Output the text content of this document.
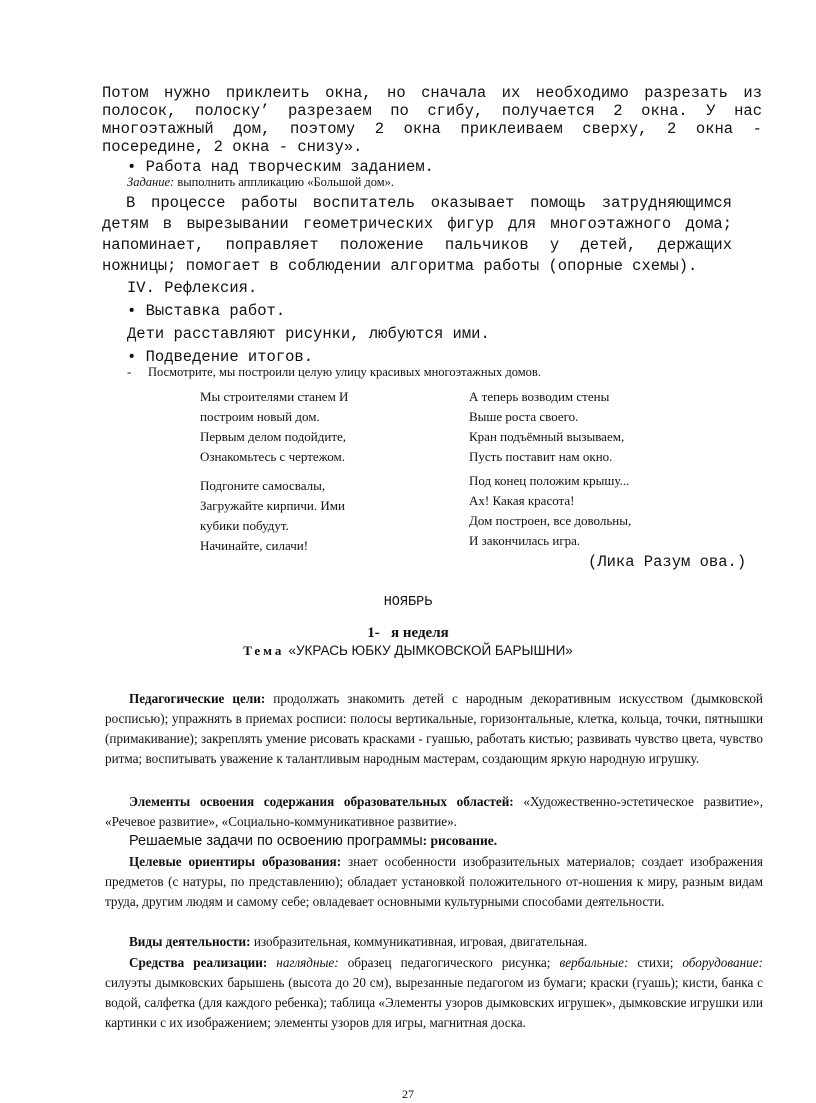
Потом нужно приклеить окна, но сначала их необходимо разрезать из полосок, полоску’ разрезаем по сгибу, получается 2 окна. У нас многоэтажный дом, поэтому 2 окна приклеиваем сверху, 2 окна - посередине, 2 окна - снизу».
• Работа над творческим заданием.
Задание: выполнить аппликацию «Большой дом».
В процессе работы воспитатель оказывает помощь затрудняющимся детям в вырезывании геометрических фигур для многоэтажного дома; напоминает, поправляет положение пальчиков у детей, держащих ножницы; помогает в соблюдении алгоритма работы (опорные схемы).
IV. Рефлексия.
• Выставка работ.
Дети расставляют рисунки, любуются ими.
• Подведение итогов.
- Посмотрите, мы построили целую улицу красивых многоэтажных домов.
Мы строителями станем И
построим новый дом.
Первым делом подойдите,
Ознакомьтесь с чертежом.
Подгоните самосвалы,
Загружайте кирпичи. Ими
кубики побудут.
Начинайте, силачи!
А теперь возводим стены
Выше роста своего.
Кран подъёмный вызываем,
Пусть поставит нам окно.
Под конец положим крышу...
Ах! Какая красота!
Дом построен, все довольны,
И закончилась игра.
(Лика Разум ова.)
НОЯБРЬ
1-   я неделя
Тема «УКРАСЬ ЮБКУ ДЫМКОВСКОЙ БАРЫШНИ»
Педагогические цели: продолжать знакомить детей с народным декоративным искусством (дымковской росписью); упражнять в приемах росписи: полосы вертикальные, горизонтальные, клетка, кольца, точки, пятнышки (примакивание); закреплять умение рисовать красками - гуашью, работать кистью; развивать чувство цвета, чувство ритма; воспитывать уважение к талантливым народным мастерам, создающим яркую народную игрушку.
Элементы освоения содержания образовательных областей: «Художественно-эстетическое развитие», «Речевое развитие», «Социально-коммуникативное развитие».
Решаемые задачи по освоению программы: рисование.
Целевые ориентиры образования: знает особенности изобразительных материалов; создает изображения предметов (с натуры, по представлению); обладает установкой положительного от-ношения к миру, разным видам труда, другим людям и самому себе; овладевает основными культурными способами деятельности.
Виды деятельности: изобразительная, коммуникативная, игровая, двигательная.
Средства реализации: наглядные: образец педагогического рисунка; вербальные: стихи; оборудование: силуэты дымковских барышень (высота до 20 см), вырезанные педагогом из бумаги; краски (гуашь); кисти, банка с водой, салфетка (для каждого ребенка); таблица «Элементы узоров дымковских игрушек», дымковские игрушки или картинки с их изображением; элементы узоров для игры, магнитная доска.
27
